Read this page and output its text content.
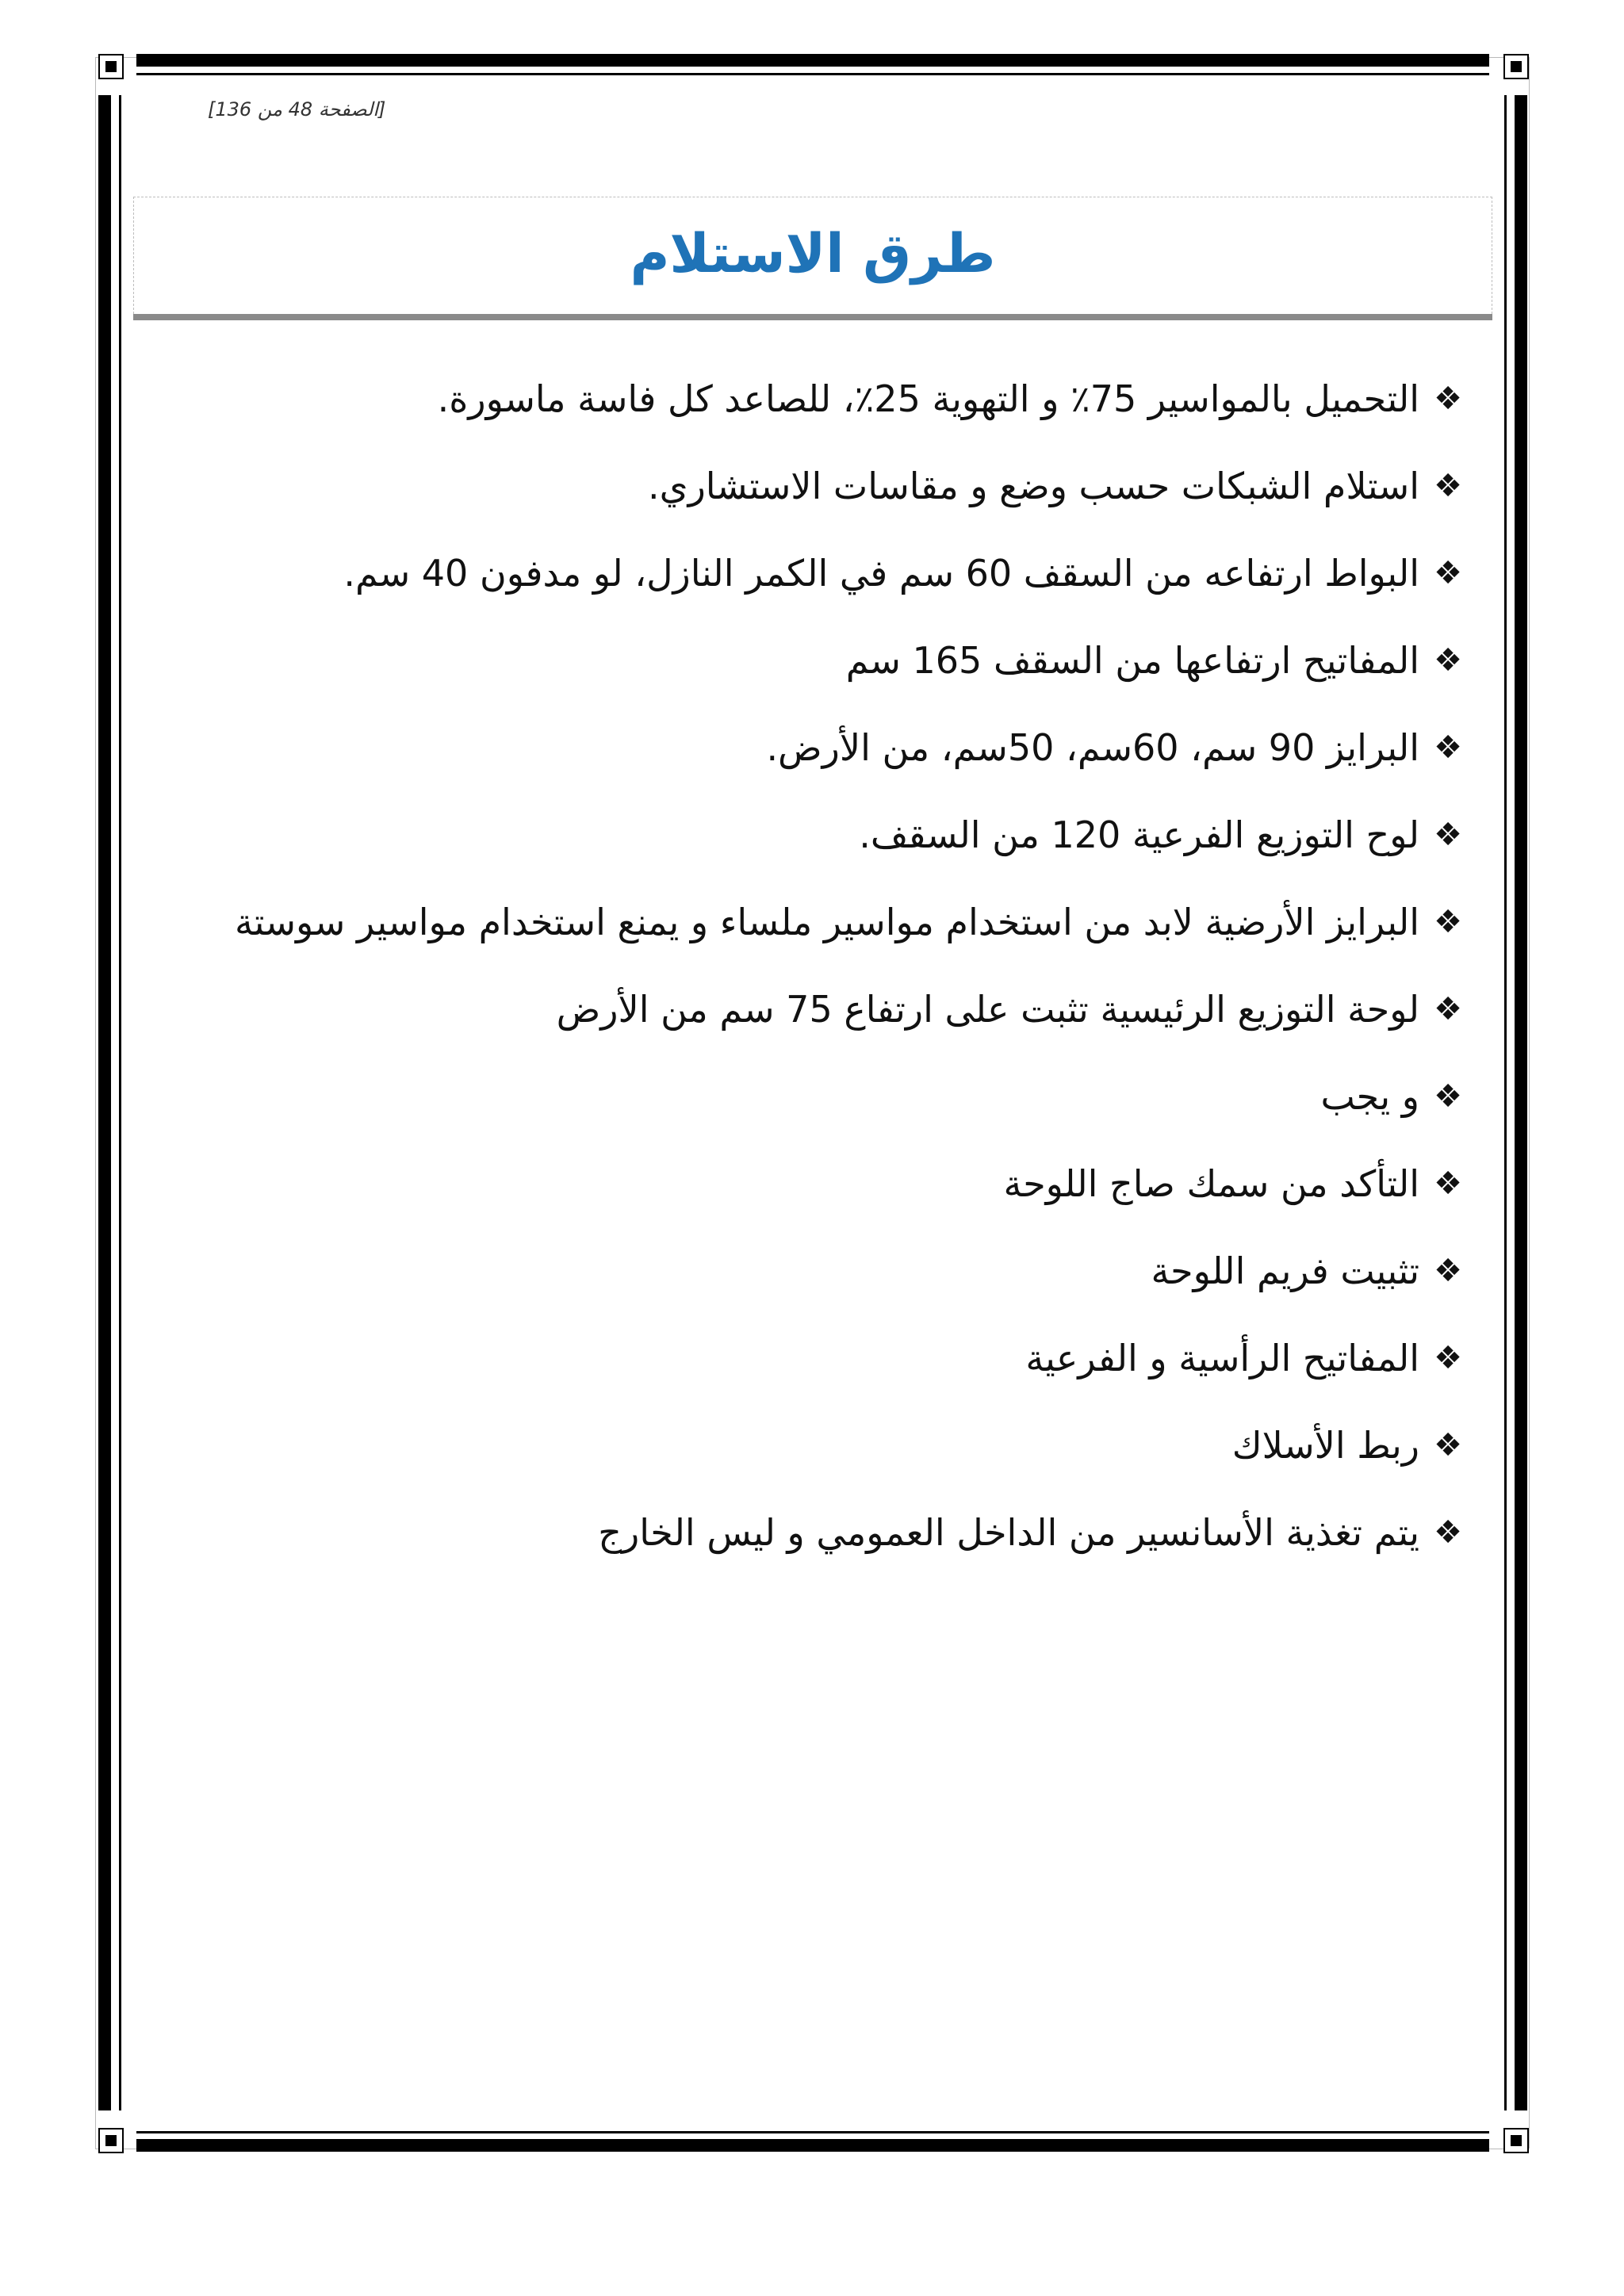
[الصفحة 48 من 136]
طرق الاستلام
❖
التحميل بالمواسير 75٪ و التهوية 25٪، للصاعد كل فاسة ماسورة.
❖
استلام الشبكات حسب وضع و مقاسات الاستشاري.
❖
البواط ارتفاعه من السقف 60 سم في الكمر النازل، لو مدفون 40 سم.
❖
المفاتيح ارتفاعها من السقف 165 سم
❖
البرايز 90 سم، 60سم، 50سم، من الأرض.
❖
لوح التوزيع الفرعية 120 من السقف.
❖
البرايز الأرضية لابد من استخدام مواسير ملساء و يمنع استخدام مواسير سوستة
❖
لوحة التوزيع الرئيسية تثبت على ارتفاع 75 سم من الأرض
❖
و يجب
❖
التأكد من سمك صاج اللوحة
❖
تثبيت فريم اللوحة
❖
المفاتيح الرأسية و الفرعية
❖
ربط الأسلاك
❖
يتم تغذية الأسانسير من الداخل العمومي و ليس الخارج
